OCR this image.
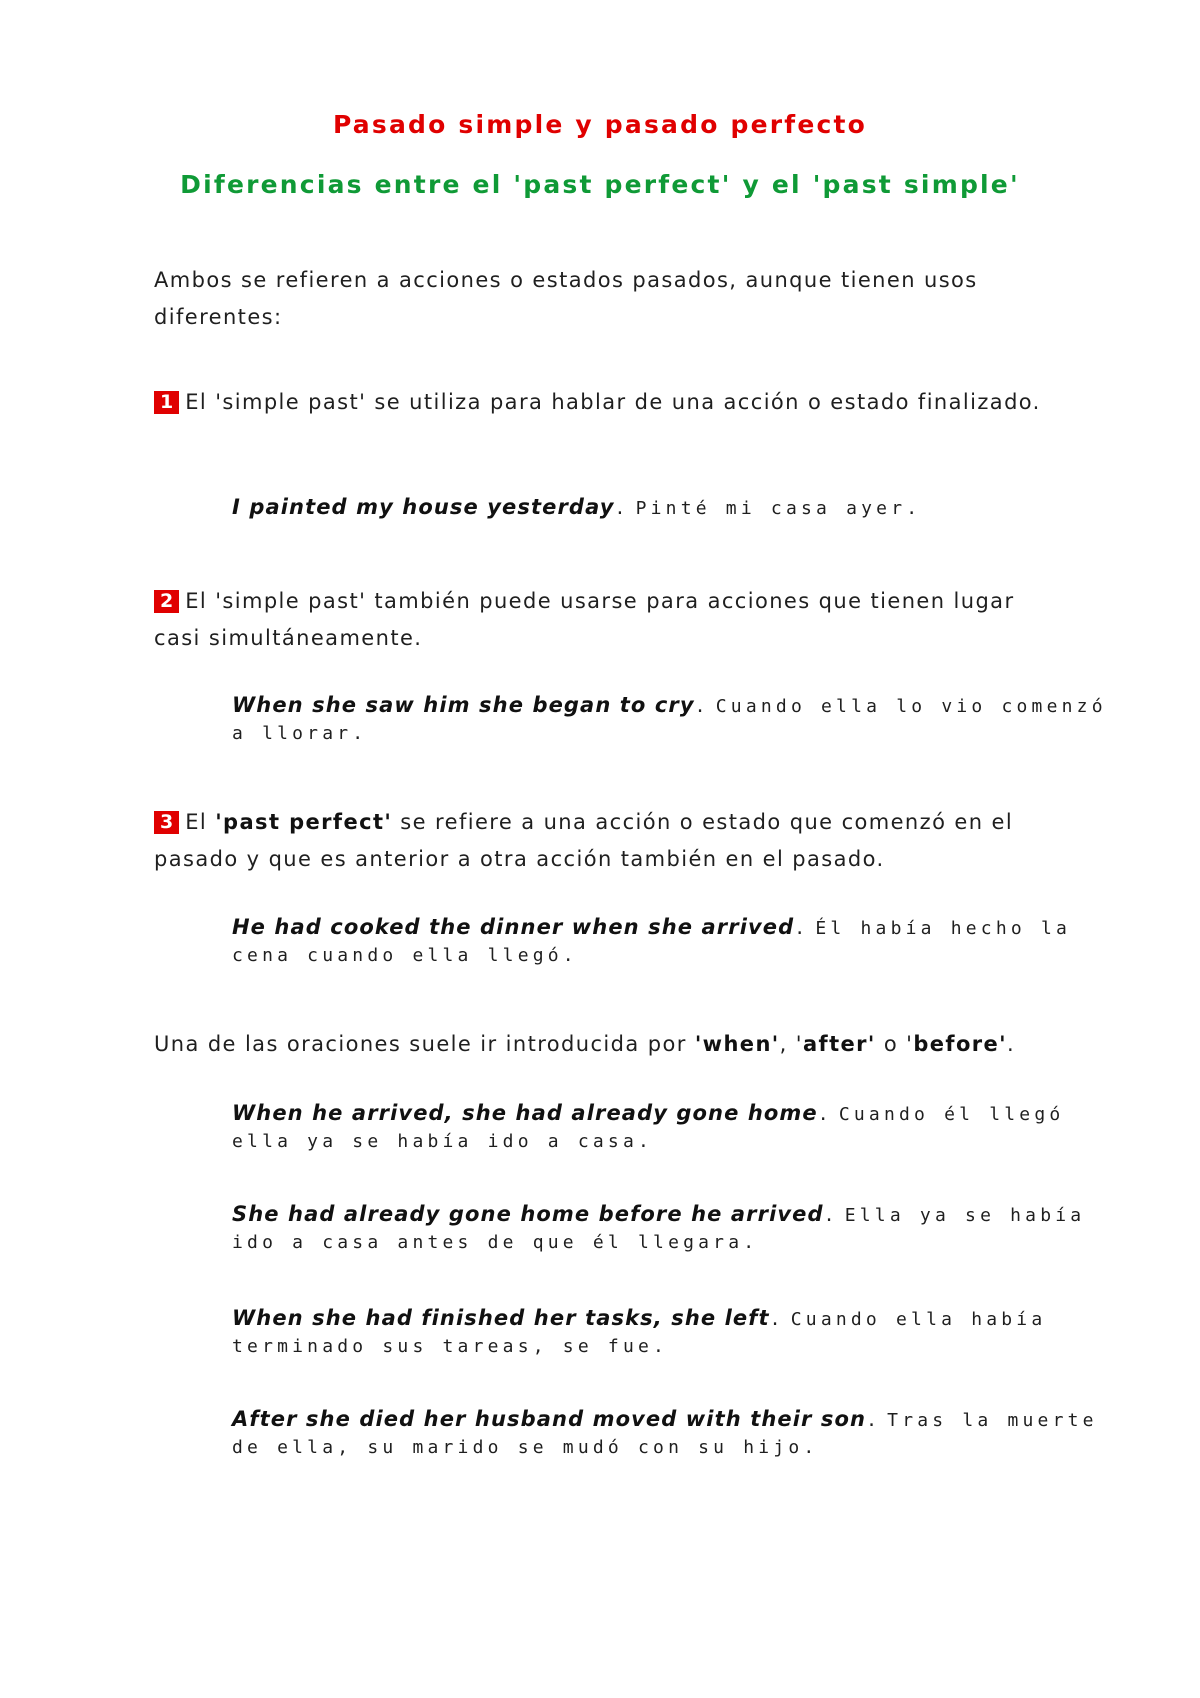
Pasado simple y pasado perfecto
Diferencias entre el 'past perfect' y el 'past simple'

Ambos se refieren a acciones o estados pasados, aunque tienen usos diferentes:

1 El 'simple past' se utiliza para hablar de una acción o estado finalizado.

I painted my house yesterday. Pinté mi casa ayer.

2 El 'simple past' también puede usarse para acciones que tienen lugar casi simultáneamente.

When she saw him she began to cry. Cuando ella lo vio comenzó a llorar.

3 El 'past perfect' se refiere a una acción o estado que comenzó en el pasado y que es anterior a otra acción también en el pasado.

He had cooked the dinner when she arrived. Él había hecho la cena cuando ella llegó.

Una de las oraciones suele ir introducida por 'when', 'after' o 'before'.

When he arrived, she had already gone home. Cuando él llegó ella ya se había ido a casa.

She had already gone home before he arrived. Ella ya se había ido a casa antes de que él llegara.

When she had finished her tasks, she left. Cuando ella había terminado sus tareas, se fue.

After she died her husband moved with their son. Tras la muerte de ella, su marido se mudó con su hijo.
